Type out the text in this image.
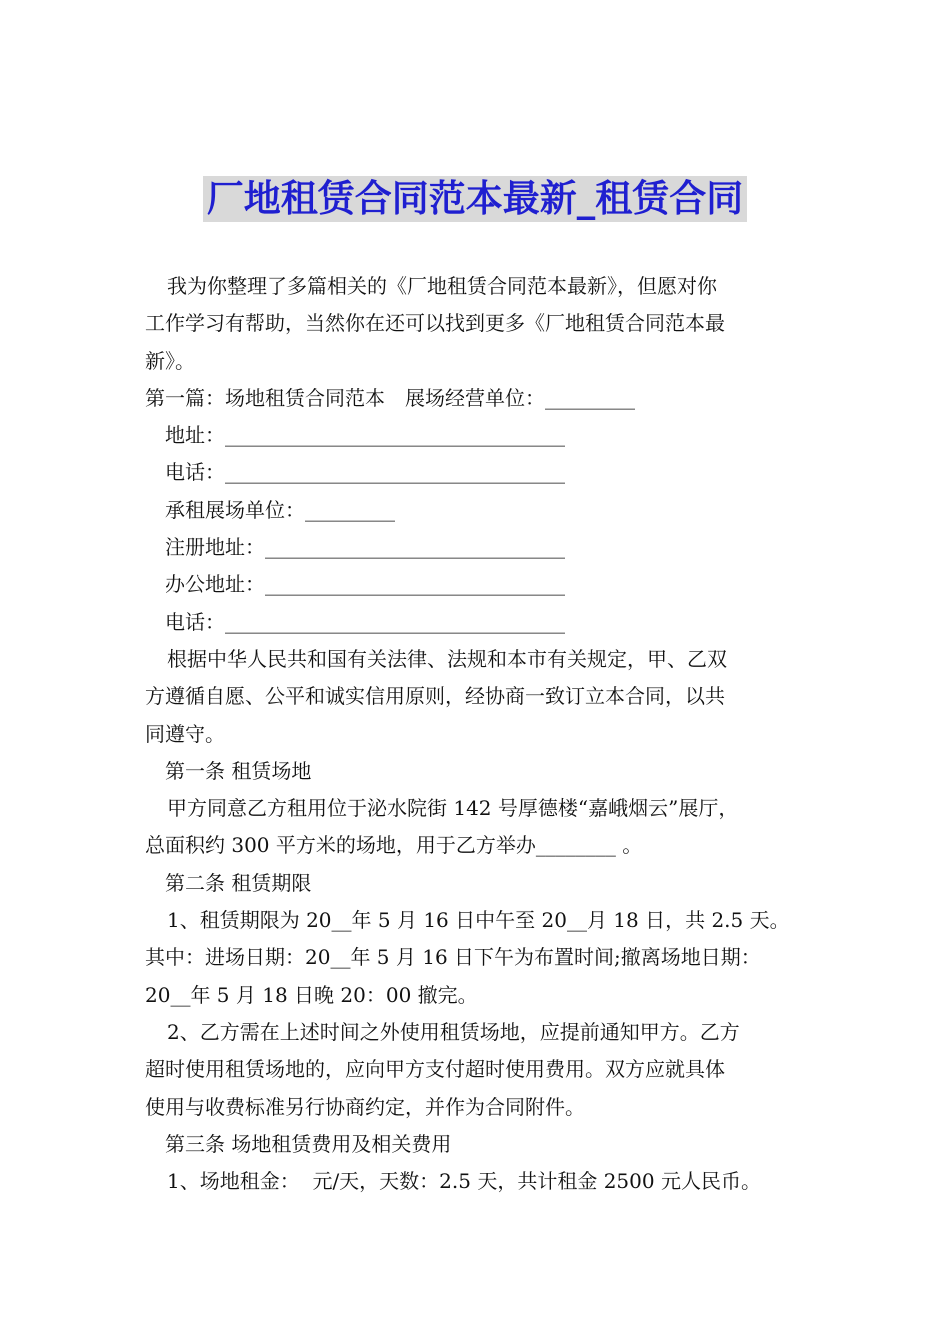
厂地租赁合同范本最新_租赁合同
我为你整理了多篇相关的《厂地租赁合同范本最新》，但愿对你
工作学习有帮助，当然你在还可以找到更多《厂地租赁合同范本最
新》。
第一篇：场地租赁合同范本　展场经营单位：_________
地址：__________________________________
电话：__________________________________
承租展场单位：_________
注册地址：______________________________
办公地址：______________________________
电话：__________________________________
根据中华人民共和国有关法律、法规和本市有关规定，甲、乙双
方遵循自愿、公平和诚实信用原则，经协商一致订立本合同，以共
同遵守。
第一条 租赁场地
甲方同意乙方租用位于泌水院街 142 号厚德楼“嘉峨烟云”展厅，
总面积约 300 平方米的场地，用于乙方举办________ 。
第二条 租赁期限
1、租赁期限为 20__年 5 月 16 日中午至 20__月 18 日，共 2.5 天。
其中：进场日期：20__年 5 月 16 日下午为布置时间;撤离场地日期：
20__年 5 月 18 日晚 20：00 撤完。
2、乙方需在上述时间之外使用租赁场地，应提前通知甲方。乙方
超时使用租赁场地的，应向甲方支付超时使用费用。双方应就具体
使用与收费标准另行协商约定，并作为合同附件。
第三条 场地租赁费用及相关费用
1、场地租金：  元/天，天数：2.5 天，共计租金 2500 元人民币。
